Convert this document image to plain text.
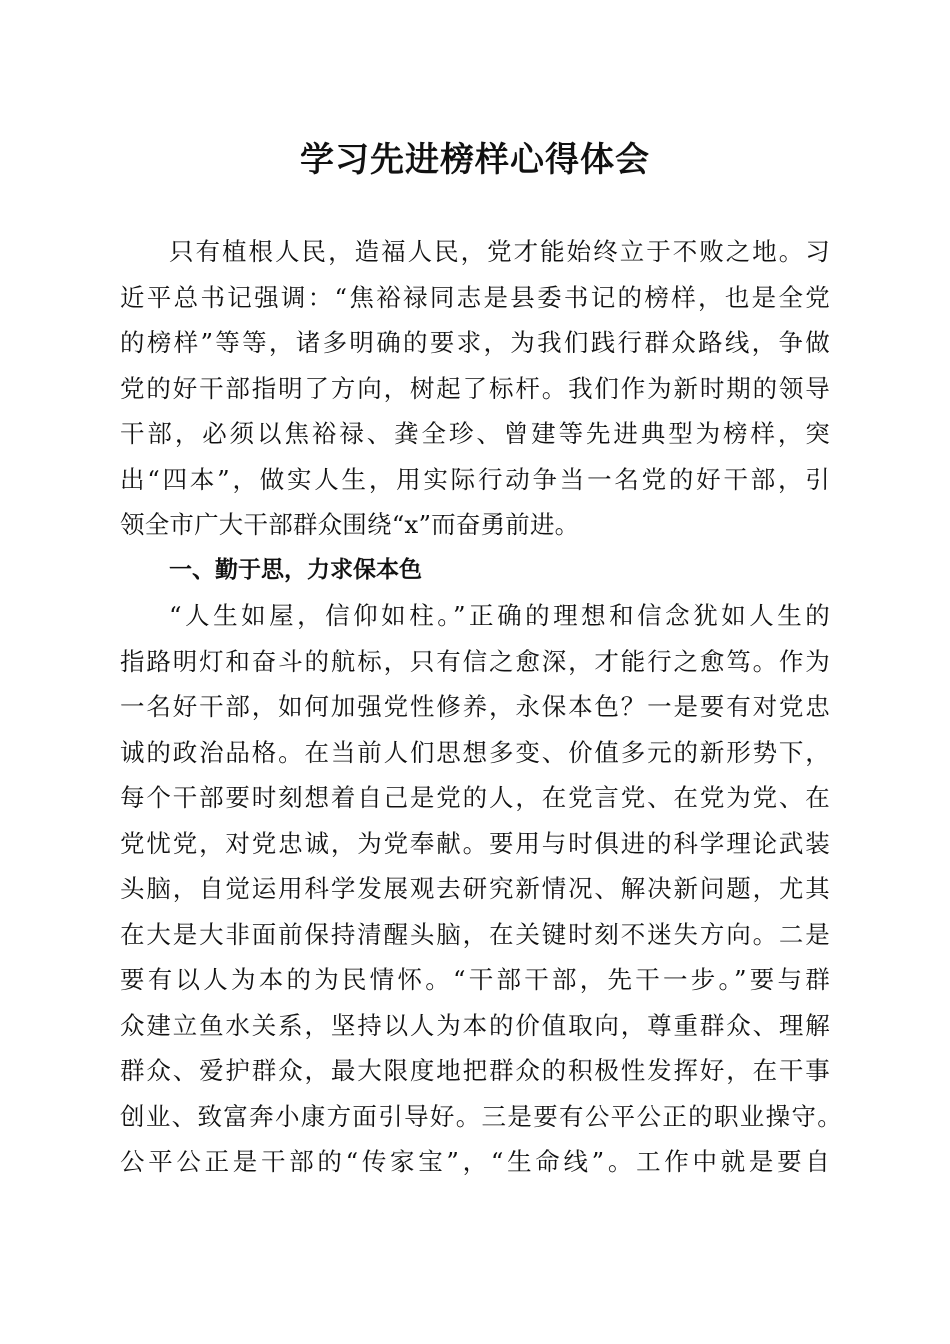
学习先进榜样心得体会
只有植根人民，造福人民，党才能始终立于不败之地。习
近平总书记强调：“焦裕禄同志是县委书记的榜样，也是全党
的榜样”等等，诸多明确的要求，为我们践行群众路线，争做
党的好干部指明了方向，树起了标杆。我们作为新时期的领导
干部，必须以焦裕禄、龚全珍、曾建等先进典型为榜样，突
出“四本”，做实人生，用实际行动争当一名党的好干部，引
领全市广大干部群众围绕“x”而奋勇前进。
一、勤于思，力求保本色
“人生如屋，信仰如柱。”正确的理想和信念犹如人生的
指路明灯和奋斗的航标，只有信之愈深，才能行之愈笃。作为
一名好干部，如何加强党性修养，永保本色？一是要有对党忠
诚的政治品格。在当前人们思想多变、价值多元的新形势下，
每个干部要时刻想着自己是党的人，在党言党、在党为党、在
党忧党，对党忠诚，为党奉献。要用与时俱进的科学理论武装
头脑，自觉运用科学发展观去研究新情况、解决新问题，尤其
在大是大非面前保持清醒头脑，在关键时刻不迷失方向。二是
要有以人为本的为民情怀。“干部干部，先干一步。”要与群
众建立鱼水关系，坚持以人为本的价值取向，尊重群众、理解
群众、爱护群众，最大限度地把群众的积极性发挥好，在干事
创业、致富奔小康方面引导好。三是要有公平公正的职业操守。
公平公正是干部的“传家宝”，“生命线”。工作中就是要自
